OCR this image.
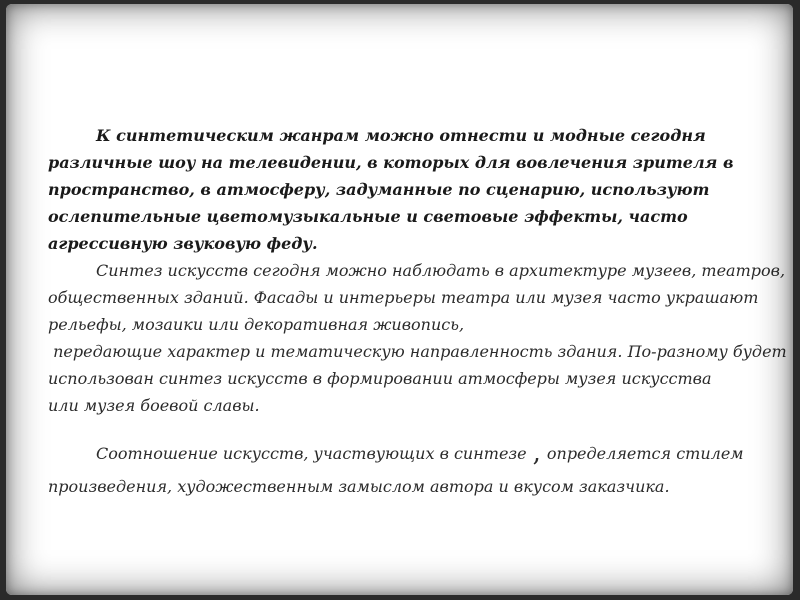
К синтетическим жанрам можно отнести и модные сегодня
различные шоу на телевидении, в которых для вовлечения зрителя в
пространство, в атмосферу, задуманные по сценарию, используют
ослепительные цветомузыкальные и световые эффекты, часто
агрессивную звуковую феду.

Синтез искусств сегодня можно наблюдать в архитектуре музеев, театров,
общественных зданий. Фасады и интерьеры театра или музея часто украшают
рельефы, мозаики или декоративная живопись,
передающие характер и тематическую направленность здания. По-разному будет
использован синтез искусств в формировании атмосферы музея искусства
или музея боевой славы.

Соотношение искусств, участвующих в синтезе , определяется стилем
произведения, художественным замыслом автора и вкусом заказчика.
